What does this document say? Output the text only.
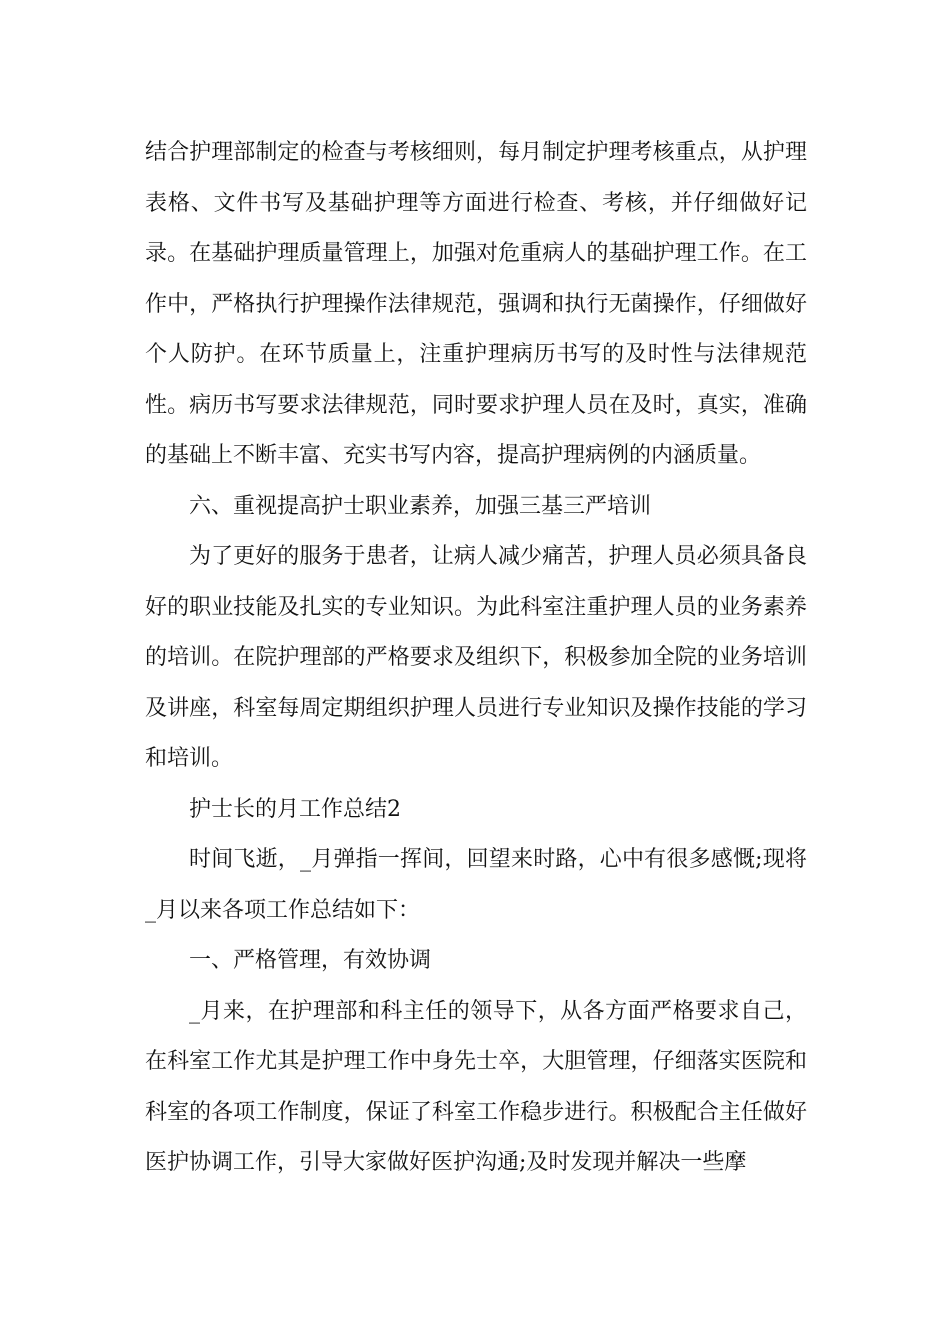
结合护理部制定的检查与考核细则，每月制定护理考核重点，从护理表格、文件书写及基础护理等方面进行检查、考核，并仔细做好记录。在基础护理质量管理上，加强对危重病人的基础护理工作。在工作中，严格执行护理操作法律规范，强调和执行无菌操作，仔细做好个人防护。在环节质量上，注重护理病历书写的及时性与法律规范性。病历书写要求法律规范，同时要求护理人员在及时，真实，准确的基础上不断丰富、充实书写内容，提高护理病例的内涵质量。

六、重视提高护士职业素养，加强三基三严培训

为了更好的服务于患者，让病人减少痛苦，护理人员必须具备良好的职业技能及扎实的专业知识。为此科室注重护理人员的业务素养的培训。在院护理部的严格要求及组织下，积极参加全院的业务培训及讲座，科室每周定期组织护理人员进行专业知识及操作技能的学习和培训。

护士长的月工作总结2

时间飞逝，_月弹指一挥间，回望来时路，心中有很多感慨;现将_月以来各项工作总结如下：

一、严格管理，有效协调

_月来，在护理部和科主任的领导下，从各方面严格要求自己，在科室工作尤其是护理工作中身先士卒，大胆管理，仔细落实医院和科室的各项工作制度，保证了科室工作稳步进行。积极配合主任做好医护协调工作，引导大家做好医护沟通;及时发现并解决一些摩
